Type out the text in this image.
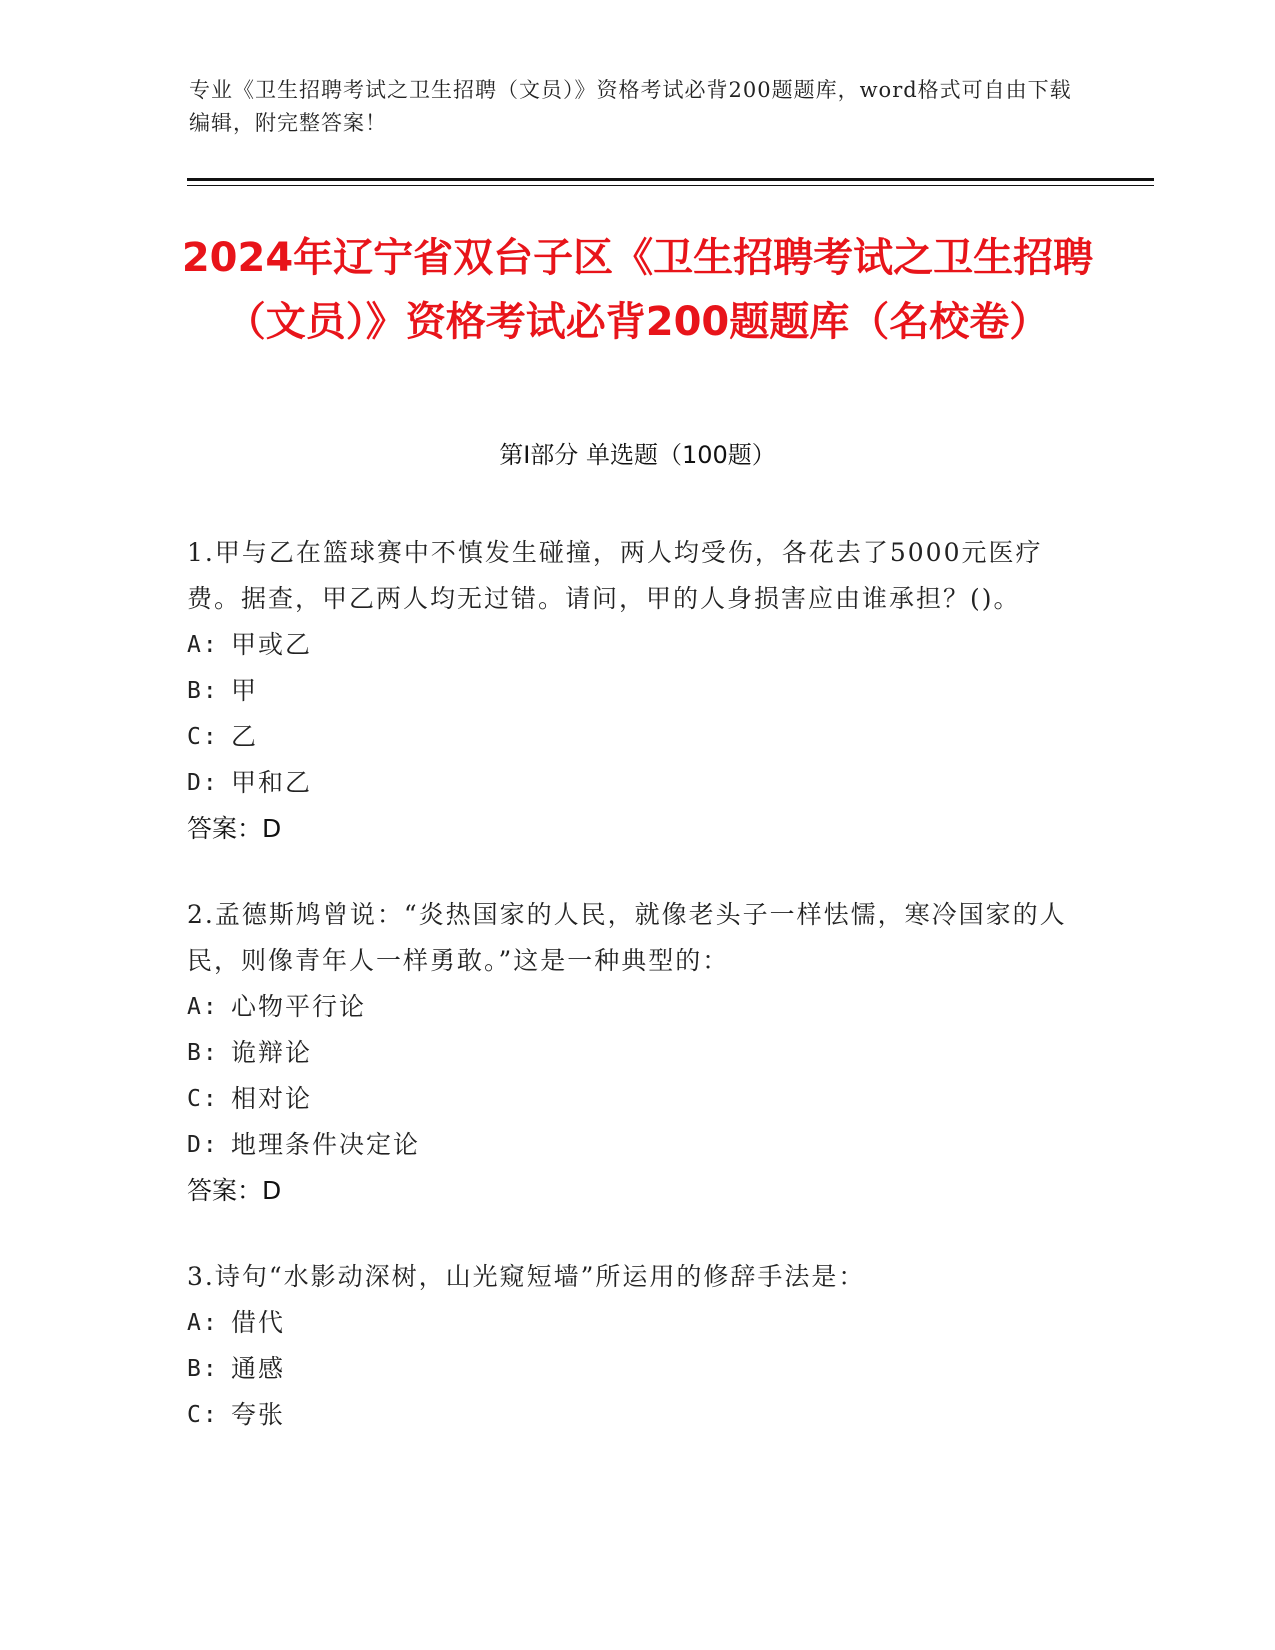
专业《卫生招聘考试之卫生招聘（文员）》资格考试必背200题题库，word格式可自由下载编辑，附完整答案！
2024年辽宁省双台子区《卫生招聘考试之卫生招聘（文员）》资格考试必背200题题库（名校卷）
第I部分 单选题（100题）
1.甲与乙在篮球赛中不慎发生碰撞，两人均受伤，各花去了5000元医疗费。据查，甲乙两人均无过错。请问，甲的人身损害应由谁承担？()。
A: 甲或乙
B: 甲
C: 乙
D: 甲和乙
答案：D
2.孟德斯鸠曾说：“炎热国家的人民，就像老头子一样怯懦，寒冷国家的人民，则像青年人一样勇敢。”这是一种典型的：
A: 心物平行论
B: 诡辩论
C: 相对论
D: 地理条件决定论
答案：D
3.诗句“水影动深树，山光窥短墙”所运用的修辞手法是：
A: 借代
B: 通感
C: 夸张
